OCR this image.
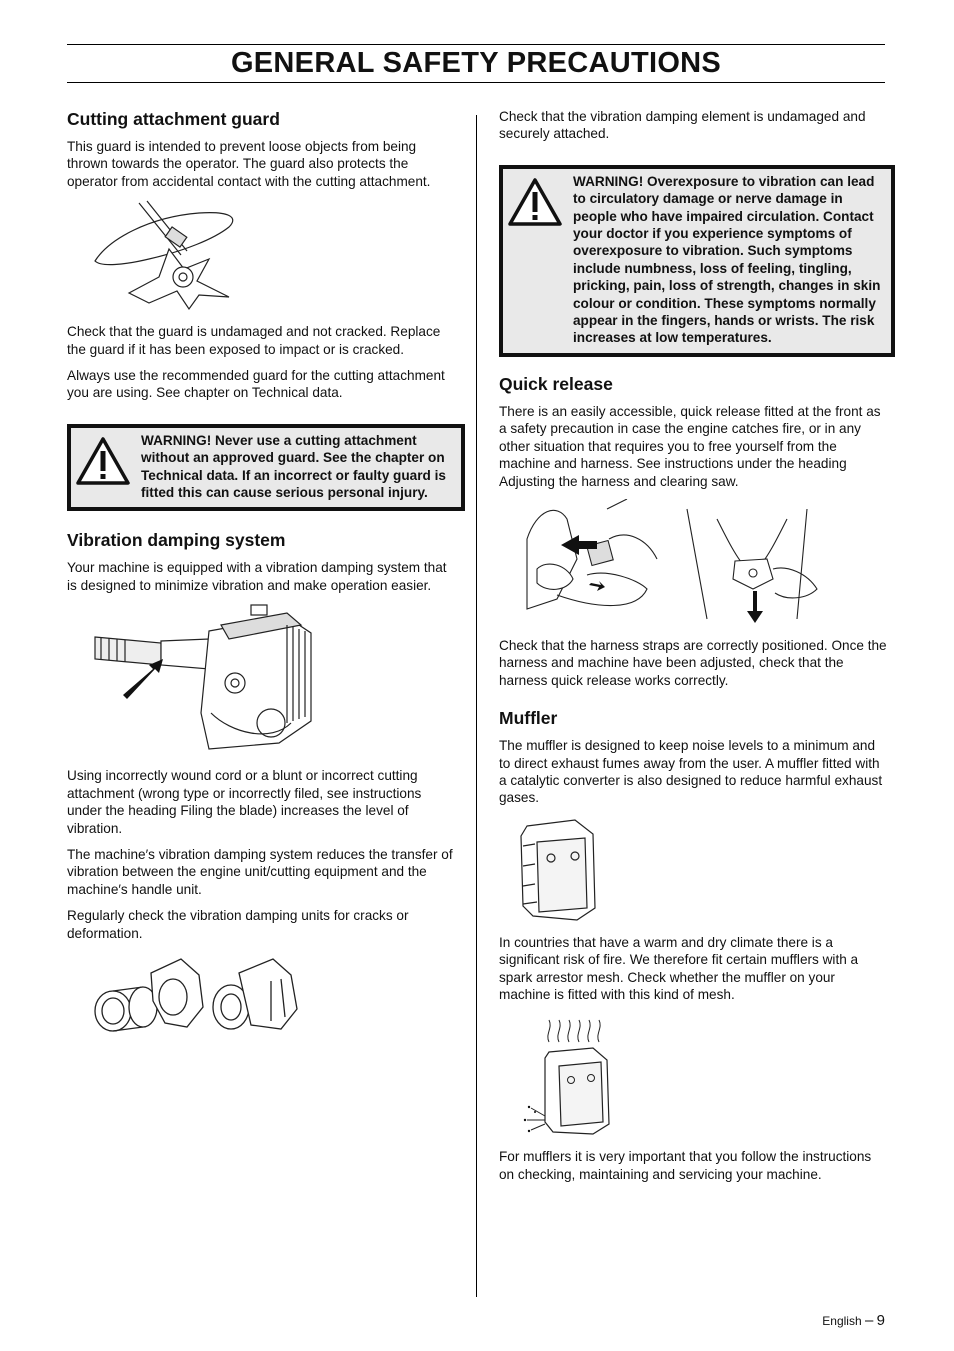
GENERAL SAFETY PRECAUTIONS
Cutting attachment guard

This guard is intended to prevent loose objects from being thrown towards the operator. The guard also protects the operator from accidental contact with the cutting attachment.

Check that the guard is undamaged and not cracked. Replace the guard if it has been exposed to impact or is cracked.

Always use the recommended guard for the cutting attachment you are using. See chapter on Technical data.

WARNING! Never use a cutting attachment without an approved guard. See the chapter on Technical data. If an incorrect or faulty guard is fitted this can cause serious personal injury.
Vibration damping system

Your machine is equipped with a vibration damping system that is designed to minimize vibration and make operation easier.

Using incorrectly wound cord or a blunt or incorrect cutting attachment (wrong type or incorrectly filed, see instructions under the heading Filing the blade) increases the level of vibration.

The machine′s vibration damping system reduces the transfer of vibration between the engine unit/cutting equipment and the machine′s handle unit.

Regularly check the vibration damping units for cracks or deformation.

Check that the vibration damping element is undamaged and securely attached.

WARNING! Overexposure to vibration can lead to circulatory damage or nerve damage in people who have impaired circulation. Contact your doctor if you experience symptoms of overexposure to vibration. Such symptoms include numbness, loss of feeling, tingling, pricking, pain, loss of strength, changes in skin colour or condition. These symptoms normally appear in the fingers, hands or wrists. The risk increases at low temperatures.
Quick release

There is an easily accessible, quick release fitted at the front as a safety precaution in case the engine catches fire, or in any other situation that requires you to free yourself from the machine and harness. See instructions under the heading Adjusting the harness and clearing saw.

Check that the harness straps are correctly positioned. Once the harness and machine have been adjusted, check that the harness quick release works correctly.

Muffler

The muffler is designed to keep noise levels to a minimum and to direct exhaust fumes away from the user. A muffler fitted with a catalytic converter is also designed to reduce harmful exhaust gases.

In countries that have a warm and dry climate there is a significant risk of fire. We therefore fit certain mufflers with a spark arrestor mesh. Check whether the muffler on your machine is fitted with this kind of mesh.

For mufflers it is very important that you follow the instructions on checking, maintaining and servicing your machine.

English – 9
